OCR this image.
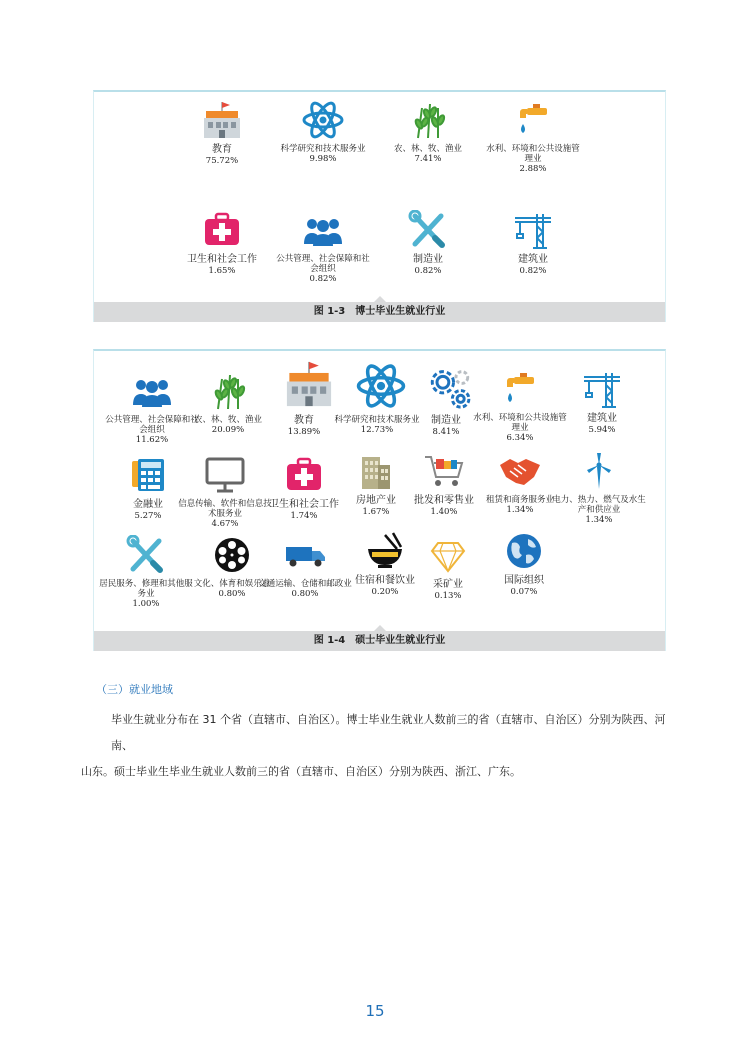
教育
75.72%
科学研究和技术服务业
9.98%
农、林、牧、渔业
7.41%
水利、环境和公共设施管理业
2.88%
卫生和社会工作
1.65%
公共管理、社会保障和社会组织
0.82%
制造业
0.82%
建筑业
0.82%
图 1-3　博士毕业生就业行业
公共管理、社会保障和社会组织
11.62%
农、林、牧、渔业
20.09%
教育
13.89%
科学研究和技术服务业
12.73%
制造业
8.41%
水利、环境和公共设施管理业
6.34%
建筑业
5.94%
金融业
5.27%
信息传输、软件和信息技术服务业
4.67%
卫生和社会工作
1.74%
房地产业
1.67%
批发和零售业
1.40%
租赁和商务服务业
1.34%
电力、热力、燃气及水生产和供应业
1.34%
居民服务、修理和其他服务业
1.00%
文化、体育和娱乐业
0.80%
交通运输、仓储和邮政业
0.80%
住宿和餐饮业
0.20%
采矿业
0.13%
国际组织
0.07%
图 1-4　硕士毕业生就业行业
（三）就业地域
毕业生就业分布在 31 个省（直辖市、自治区）。博士毕业生就业人数前三的省（直辖市、自治区）分别为陕西、河南、
山东。硕士毕业生毕业生就业人数前三的省（直辖市、自治区）分别为陕西、浙江、广东。
15
